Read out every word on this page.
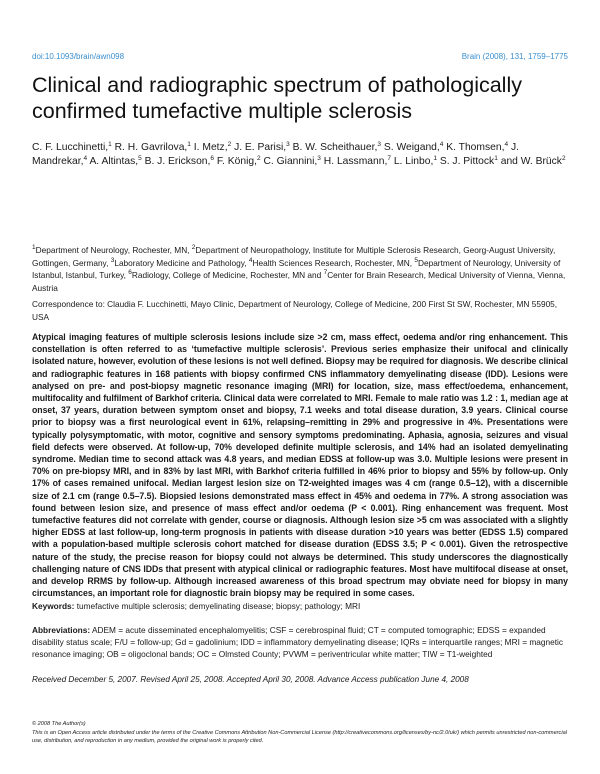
doi:10.1093/brain/awn098	Brain (2008), 131, 1759–1775
Clinical and radiographic spectrum of pathologically confirmed tumefactive multiple sclerosis
C. F. Lucchinetti,$^1$ R. H. Gavrilova,$^1$ I. Metz,$^2$ J. E. Parisi,$^3$ B. W. Scheithauer,$^3$ S. Weigand,$^4$ K. Thomsen,$^4$ J. Mandrekar,$^4$ A. Altintas,$^5$ B. J. Erickson,$^6$ F. König,$^2$ C. Giannini,$^3$ H. Lassmann,$^7$ L. Linbo,$^1$ S. J. Pittock$^1$ and W. Brück$^2$
$^1$Department of Neurology, Rochester, MN, $^2$Department of Neuropathology, Institute for Multiple Sclerosis Research, Georg-August University, Gottingen, Germany, $^3$Laboratory Medicine and Pathology, $^4$Health Sciences Research, Rochester, MN, $^5$Department of Neurology, University of Istanbul, Istanbul, Turkey, $^6$Radiology, College of Medicine, Rochester, MN and $^7$Center for Brain Research, Medical University of Vienna, Vienna, Austria
Correspondence to: Claudia F. Lucchinetti, Mayo Clinic, Department of Neurology, College of Medicine, 200 First St SW, Rochester, MN 55905, USA
Atypical imaging features of multiple sclerosis lesions include size >2 cm, mass effect, oedema and/or ring enhancement. This constellation is often referred to as ‘tumefactive multiple sclerosis’. Previous series emphasize their unifocal and clinically isolated nature, however, evolution of these lesions is not well defined. Biopsy may be required for diagnosis. We describe clinical and radiographic features in 168 patients with biopsy confirmed CNS inflammatory demyelinating disease (IDD). Lesions were analysed on pre- and post-biopsy magnetic resonance imaging (MRI) for location, size, mass effect/oedema, enhancement, multifocality and fulfilment of Barkhof criteria. Clinical data were correlated to MRI. Female to male ratio was 1.2 : 1, median age at onset, 37 years, duration between symptom onset and biopsy, 7.1 weeks and total disease duration, 3.9 years. Clinical course prior to biopsy was a first neurological event in 61%, relapsing–remitting in 29% and progressive in 4%. Presentations were typically polysymptomatic, with motor, cognitive and sensory symptoms predominating. Aphasia, agnosia, seizures and visual field defects were observed. At follow-up, 70% developed definite multiple sclerosis, and 14% had an isolated demyelinating syndrome. Median time to second attack was 4.8 years, and median EDSS at follow-up was 3.0. Multiple lesions were present in 70% on pre-biopsy MRI, and in 83% by last MRI, with Barkhof criteria fulfilled in 46% prior to biopsy and 55% by follow-up. Only 17% of cases remained unifocal. Median largest lesion size on T2-weighted images was 4 cm (range 0.5–12), with a discernible size of 2.1 cm (range 0.5–7.5). Biopsied lesions demonstrated mass effect in 45% and oedema in 77%. A strong association was found between lesion size, and presence of mass effect and/or oedema (P < 0.001). Ring enhancement was frequent. Most tumefactive features did not correlate with gender, course or diagnosis. Although lesion size >5 cm was associated with a slightly higher EDSS at last follow-up, long-term prognosis in patients with disease duration >10 years was better (EDSS 1.5) compared with a population-based multiple sclerosis cohort matched for disease duration (EDSS 3.5; P < 0.001). Given the retrospective nature of the study, the precise reason for biopsy could not always be determined. This study underscores the diagnostically challenging nature of CNS IDDs that present with atypical clinical or radiographic features. Most have multifocal disease at onset, and develop RRMS by follow-up. Although increased awareness of this broad spectrum may obviate need for biopsy in many circumstances, an important role for diagnostic brain biopsy may be required in some cases.
Keywords: tumefactive multiple sclerosis; demyelinating disease; biopsy; pathology; MRI
Abbreviations: ADEM = acute disseminated encephalomyelitis; CSF = cerebrospinal fluid; CT = computed tomographic; EDSS = expanded disability status scale; F/U = follow-up; Gd = gadolinium; IDD = inflammatory demyelinating disease; IQRs = interquartile ranges; MRI = magnetic resonance imaging; OB = oligoclonal bands; OC = Olmsted County; PVWM = periventricular white matter; TIW = T1-weighted
Received December 5, 2007. Revised April 25, 2008. Accepted April 30, 2008. Advance Access publication June 4, 2008
© 2008 The Author(s)
This is an Open Access article distributed under the terms of the Creative Commons Attribution Non-Commercial License (http://creativecommons.org/licenses/by-nc/2.0/uk/) which permits unrestricted non-commercial use, distribution, and reproduction in any medium, provided the original work is properly cited.
